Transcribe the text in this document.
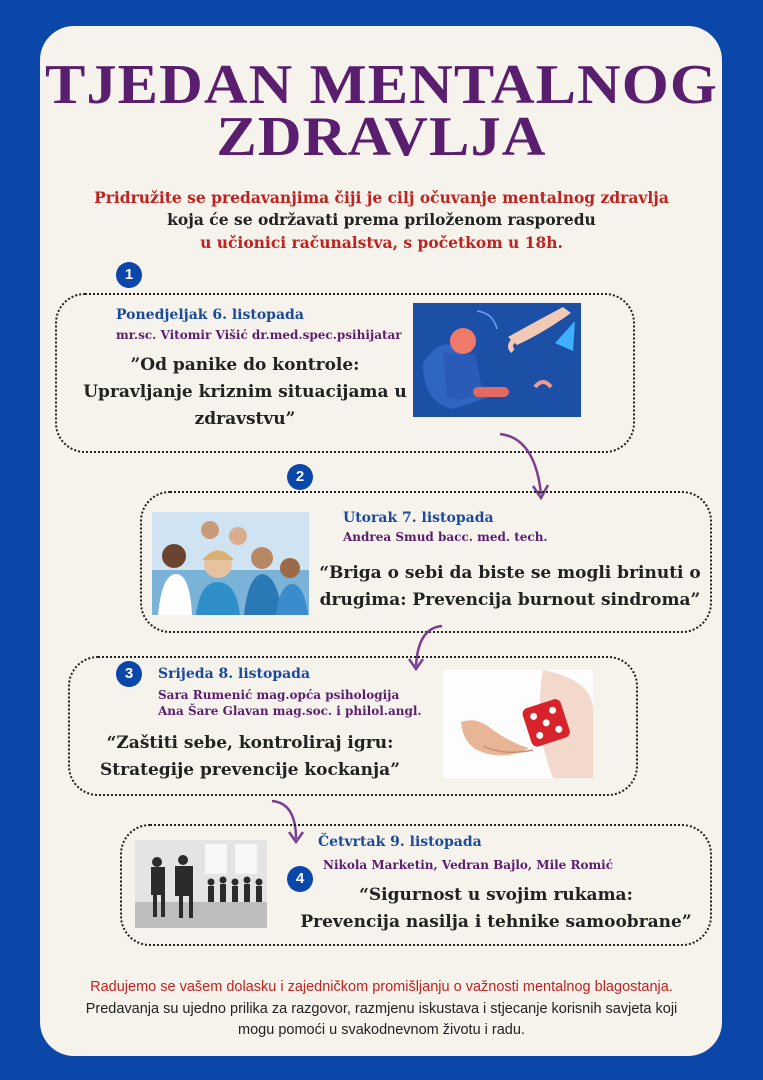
TJEDAN MENTALNOG
ZDRAVLJA
Pridružite se predavanjima čiji je cilj očuvanje mentalnog zdravlja
koja će se održavati prema priloženom rasporedu
u učionici računalstva, s početkom u 18h.
1
Ponedjeljak 6. listopada
mr.sc. Vitomir Višić dr.med.spec.psihijatar
”Od panike do kontrole:
Upravljanje kriznim situacijama u
zdravstvu”
2
Utorak 7. listopada
Andrea Smud bacc. med. tech.
“Briga o sebi da biste se mogli brinuti o
drugima: Prevencija burnout sindroma”
3	Srijeda 8. listopada
Sara Rumenić mag.opća psihologija
Ana Šare Glavan mag.soc. i philol.angl.
“Zaštiti sebe, kontroliraj igru:
Strategije prevencije kockanja”
Četvrtak 9. listopada
Nikola Marketin, Vedran Bajlo, Mile Romić
4
“Sigurnost u svojim rukama:
Prevencija nasilja i tehnike samoobrane”
Radujemo se vašem dolasku i zajedničkom promišljanju o važnosti mentalnog blagostanja.
Predavanja su ujedno prilika za razgovor, razmjenu iskustava i stjecanje korisnih savjeta koji
mogu pomoći u svakodnevnom životu i radu.
